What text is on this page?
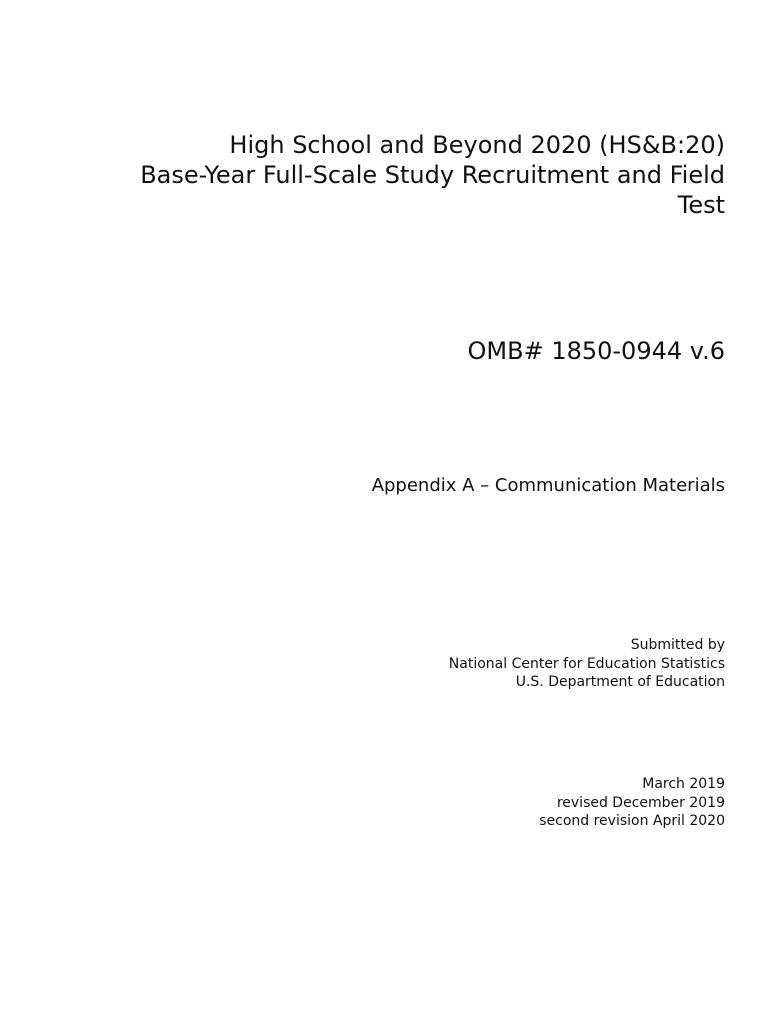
High School and Beyond 2020 (HS&B:20)
Base-Year Full-Scale Study Recruitment and Field
Test
OMB# 1850-0944 v.6
Appendix A – Communication Materials
Submitted by
National Center for Education Statistics
U.S. Department of Education
March 2019
revised December 2019
second revision April 2020
